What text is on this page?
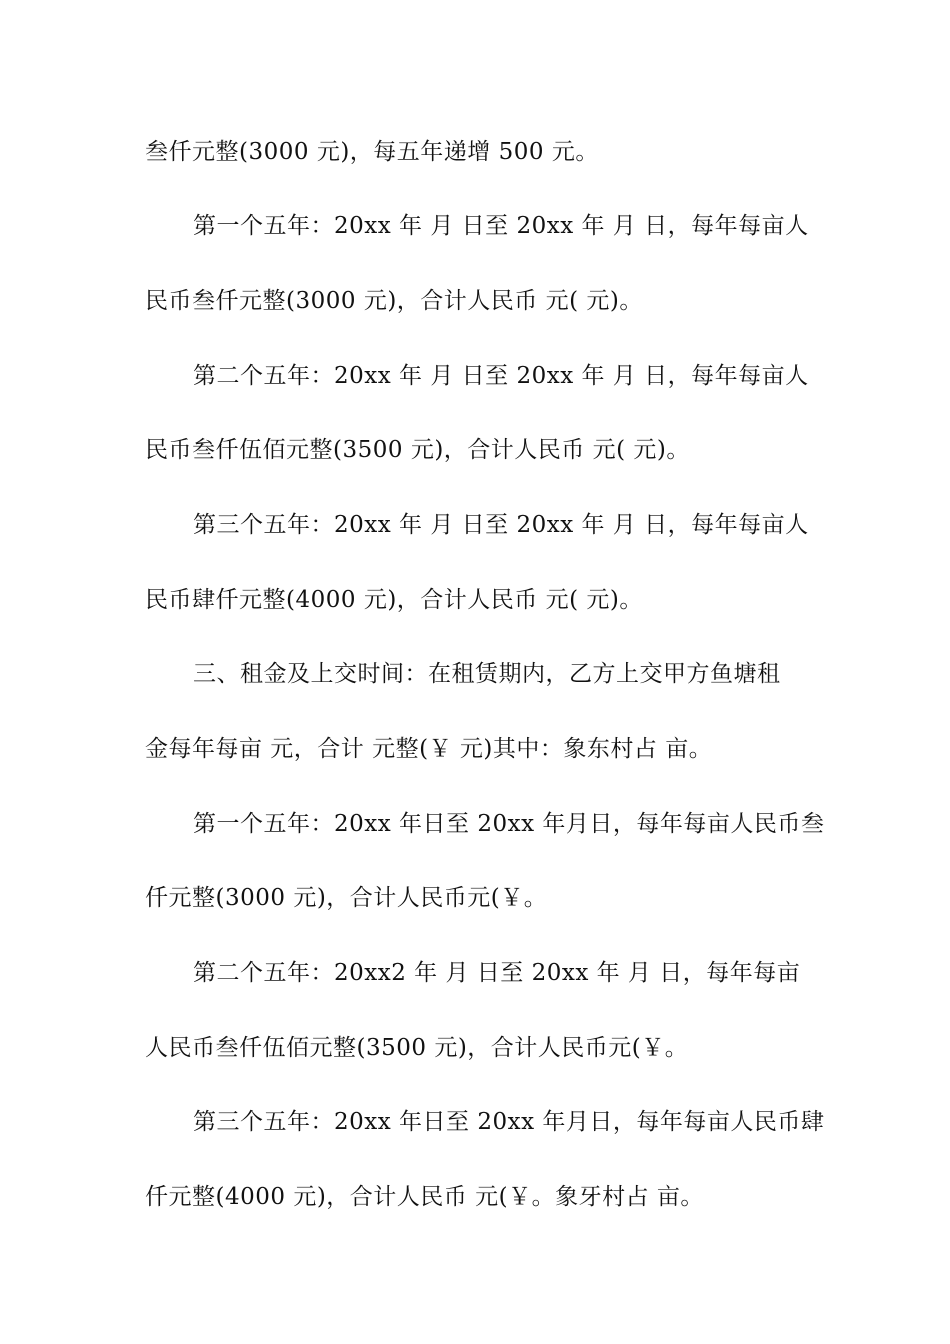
叁仟元整(3000 元)，每五年递增 500 元。
第一个五年：20xx 年 月 日至 20xx 年 月 日，每年每亩人
民币叁仟元整(3000 元)，合计人民币 元( 元)。
第二个五年：20xx 年 月 日至 20xx 年 月 日，每年每亩人
民币叁仟伍佰元整(3500 元)，合计人民币 元( 元)。
第三个五年：20xx 年 月 日至 20xx 年 月 日，每年每亩人
民币肆仟元整(4000 元)，合计人民币 元( 元)。
三、租金及上交时间：在租赁期内，乙方上交甲方鱼塘租
金每年每亩 元，合计 元整(￥ 元)其中：象东村占 亩。
第一个五年：20xx 年日至 20xx 年月日，每年每亩人民币叁
仟元整(3000 元)，合计人民币元(￥。
第二个五年：20xx2 年 月 日至 20xx 年 月 日，每年每亩
人民币叁仟伍佰元整(3500 元)，合计人民币元(￥。
第三个五年：20xx 年日至 20xx 年月日，每年每亩人民币肆
仟元整(4000 元)，合计人民币 元(￥。象牙村占 亩。
